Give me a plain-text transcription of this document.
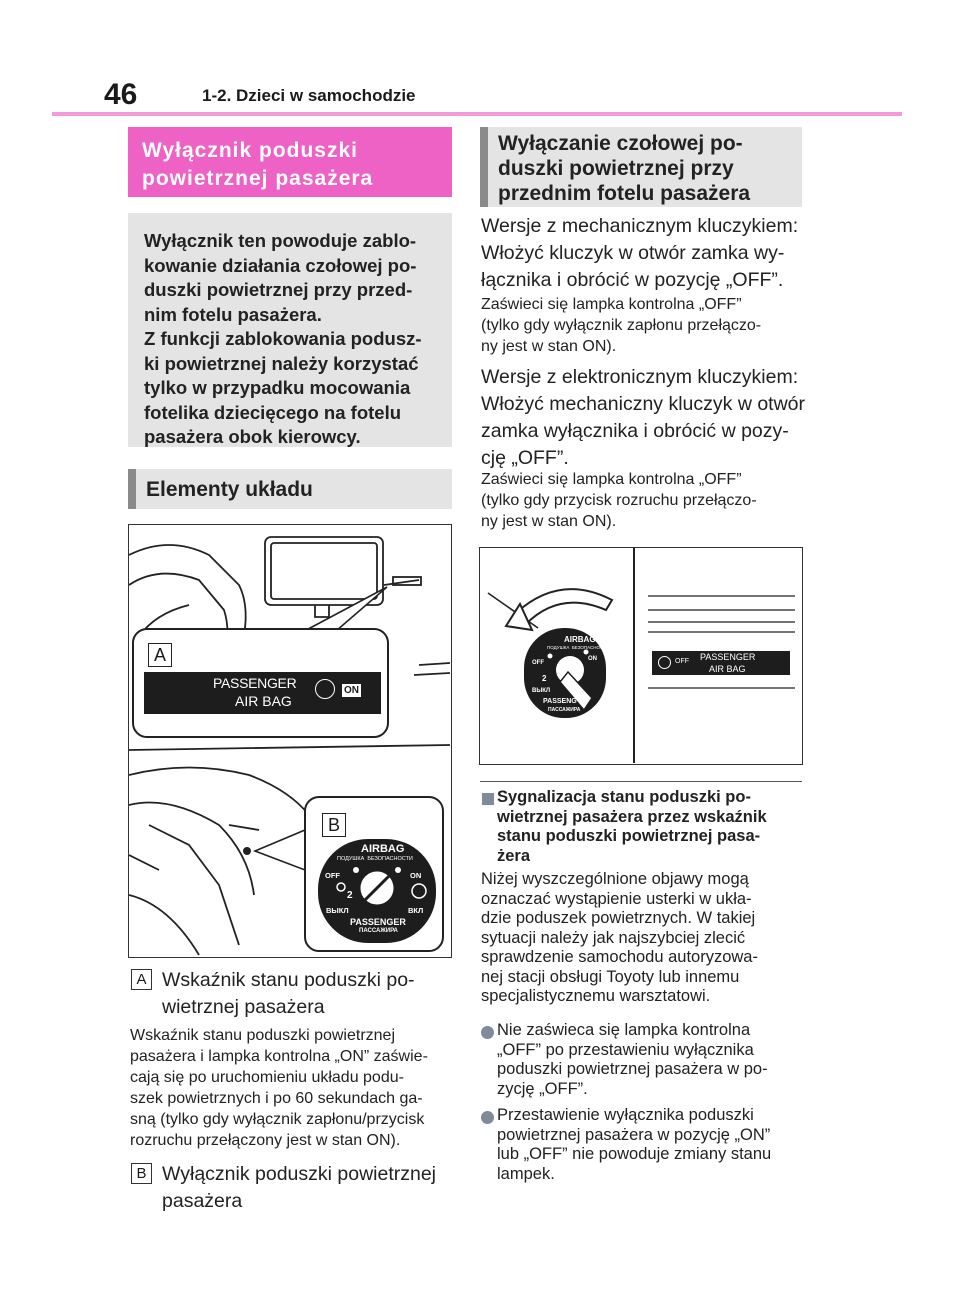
46	1-2. Dzieci w samochodzie
Wyłącznik poduszki
powietrznej pasażera
Wyłącznik ten powoduje zablo-
kowanie działania czołowej po-
duszki powietrznej przy przed-
nim fotelu pasażera.
Z funkcji zablokowania podusz-
ki powietrznej należy korzystać
tylko w przypadku mocowania
fotelika dziecięcego na fotelu
pasażera obok kierowcy.
Elementy układu
A
PASSENGER
AIR BAG
ON
B
AIRBAG
ПОДУШКА  БЕЗОПАСНОСТИ
OFF	ON
2
ВЫКЛ	ВКЛ
PASSENGER
ПАССАЖИРА
A Wskaźnik stanu poduszki po-
wietrznej pasażera
Wskaźnik stanu poduszki powietrznej
pasażera i lampka kontrolna „ON” zaświe-
cają się po uruchomieniu układu podu-
szek powietrznych i po 60 sekundach ga-
sną (tylko gdy wyłącznik zapłonu/przycisk
rozruchu przełączony jest w stan ON).
B Wyłącznik poduszki powietrznej
pasażera
Wyłączanie czołowej po-
duszki powietrznej przy
przednim fotelu pasażera
Wersje z mechanicznym kluczykiem:
Włożyć kluczyk w otwór zamka wy-
łącznika i obrócić w pozycję „OFF”.
Zaświeci się lampka kontrolna „OFF”
(tylko gdy wyłącznik zapłonu przełączo-
ny jest w stan ON).
Wersje z elektronicznym kluczykiem:
Włożyć mechaniczny kluczyk w otwór
zamka wyłącznika i obrócić w pozy-
cję „OFF”.
Zaświeci się lampka kontrolna „OFF”
(tylko gdy przycisk rozruchu przełączo-
ny jest w stan ON).
AIRBAG
ПОДУШКА  БЕЗОПАСНОСТИ
OFF
ON
2
ВЫКЛ
PASSENG
ПАССАЖИРА
OFF PASSENGER
AIR BAG
Sygnalizacja stanu poduszki po-
wietrznej pasażera przez wskaźnik
stanu poduszki powietrznej pasa-
żera
Niżej wyszczególnione objawy mogą
oznaczać wystąpienie usterki w ukła-
dzie poduszek powietrznych. W takiej
sytuacji należy jak najszybciej zlecić
sprawdzenie samochodu autoryzowa-
nej stacji obsługi Toyoty lub innemu
specjalistycznemu warsztatowi.
Nie zaświeca się lampka kontrolna
„OFF” po przestawieniu wyłącznika
poduszki powietrznej pasażera w po-
zycję „OFF”.
Przestawienie wyłącznika poduszki
powietrznej pasażera w pozycję „ON”
lub „OFF” nie powoduje zmiany stanu
lampek.
